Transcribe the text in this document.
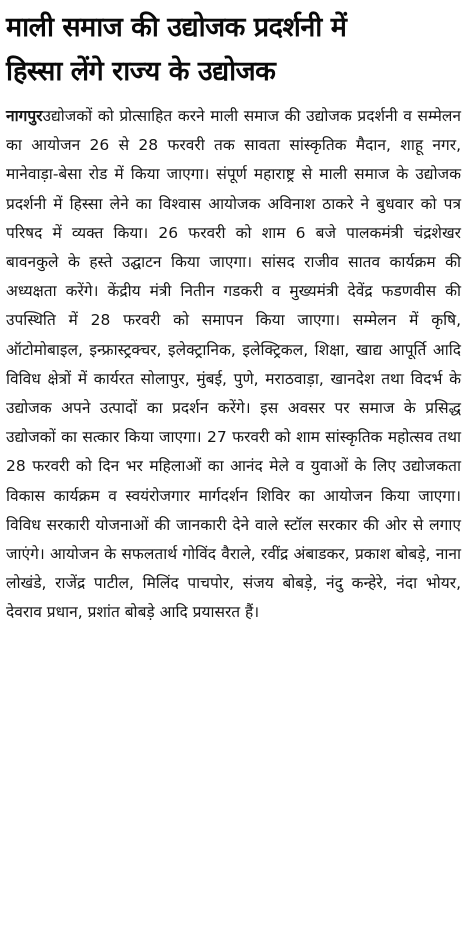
माली समाज की उद्योजक प्रदर्शनी में
हिस्सा लेंगे राज्य के उद्योजक

नागपुरउद्योजकों को प्रोत्साहित करने माली समाज की उद्योजक प्रदर्शनी व सम्मेलन का आयोजन 26 से 28 फरवरी तक सावता सांस्कृतिक मैदान, शाहू नगर, मानेवाड़ा-बेसा रोड में किया जाएगा। संपूर्ण महाराष्ट्र से माली समाज के उद्योजक प्रदर्शनी में हिस्सा लेने का विश्वास आयोजक अविनाश ठाकरे ने बुधवार को पत्र परिषद में व्यक्त किया। 26 फरवरी को शाम 6 बजे पालकमंत्री चंद्रशेखर बावनकुले के हस्ते उद्घाटन किया जाएगा। सांसद राजीव सातव कार्यक्रम की अध्यक्षता करेंगे। केंद्रीय मंत्री नितीन गडकरी व मुख्यमंत्री देवेंद्र फडणवीस की उपस्थिति में 28 फरवरी को समापन किया जाएगा। सम्मेलन में कृषि, ऑटोमोबाइल, इन्फ्रास्ट्रक्चर, इलेक्ट्रानिक, इलेक्ट्रिकल, शिक्षा, खाद्य आपूर्ति आदि विविध क्षेत्रों में कार्यरत सोलापुर, मुंबई, पुणे, मराठवाड़ा, खानदेश तथा विदर्भ के उद्योजक अपने उत्पादों का प्रदर्शन करेंगे। इस अवसर पर समाज के प्रसिद्ध उद्योजकों का सत्कार किया जाएगा। 27 फरवरी को शाम सांस्कृतिक महोत्सव तथा 28 फरवरी को दिन भर महिलाओं का आनंद मेले व युवाओं के लिए उद्योजकता विकास कार्यक्रम व स्वयंरोजगार मार्गदर्शन शिविर का आयोजन किया जाएगा। विविध सरकारी योजनाओं की जानकारी देने वाले स्टॉल सरकार की ओर से लगाए जाएंगे। आयोजन के सफलतार्थ गोविंद वैराले, रवींद्र अंबाडकर, प्रकाश बोबड़े, नाना लोखंडे, राजेंद्र पाटील, मिलिंद पाचपोर, संजय बोबड़े, नंदु कन्हेरे, नंदा भोयर, देवराव प्रधान, प्रशांत बोबड़े आदि प्रयासरत हैं।
